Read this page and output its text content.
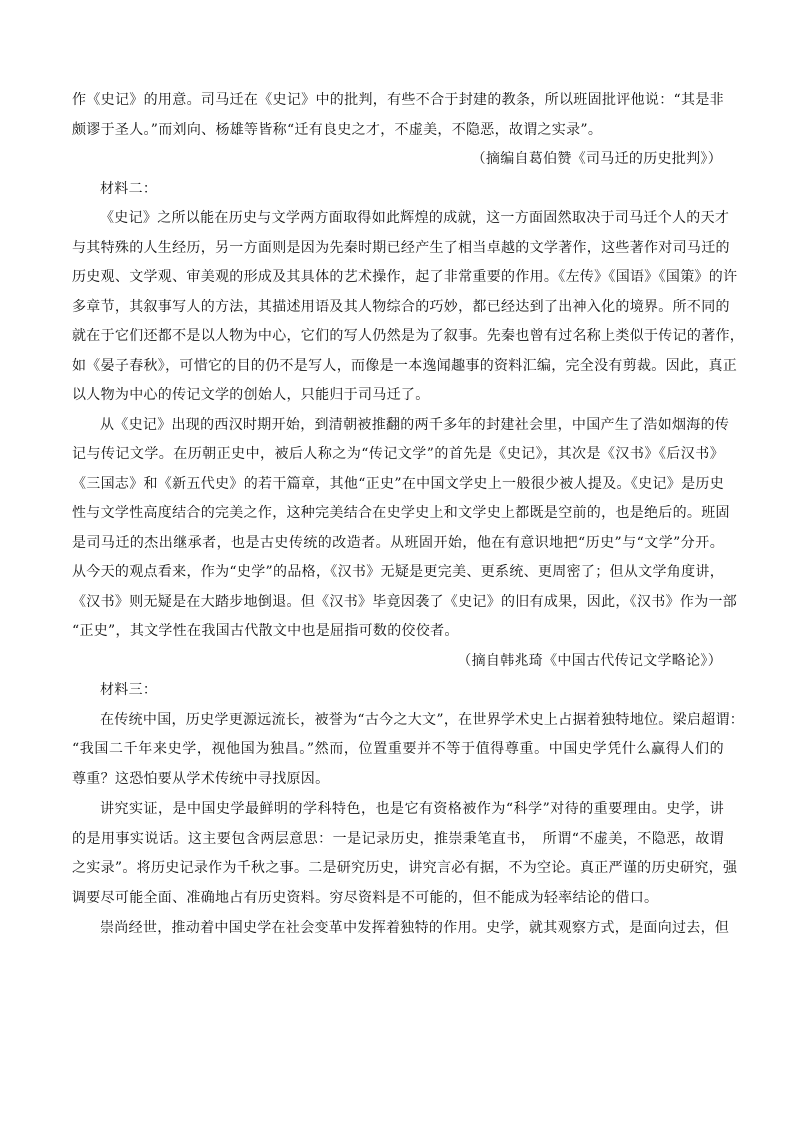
作《史记》的用意。司马迁在《史记》中的批判，有些不合于封建的教条，所以班固批评他说：“其是非
颇谬于圣人。”而刘向、杨雄等皆称“迁有良史之才，不虚美，不隐恶，故谓之实录”。
（摘编自葛伯赞《司马迁的历史批判》）
材料二：
《史记》之所以能在历史与文学两方面取得如此辉煌的成就，这一方面固然取决于司马迁个人的天才
与其特殊的人生经历，另一方面则是因为先秦时期已经产生了相当卓越的文学著作，这些著作对司马迁的
历史观、文学观、审美观的形成及其具体的艺术操作，起了非常重要的作用。《左传》《国语》《国策》的许
多章节，其叙事写人的方法，其描述用语及其人物综合的巧妙，都已经达到了出神入化的境界。所不同的
就在于它们还都不是以人物为中心，它们的写人仍然是为了叙事。先秦也曾有过名称上类似于传记的著作，
如《晏子春秋》，可惜它的目的仍不是写人，而像是一本逸闻趣事的资料汇编，完全没有剪裁。因此，真正
以人物为中心的传记文学的创始人，只能归于司马迁了。
从《史记》出现的西汉时期开始，到清朝被推翻的两千多年的封建社会里，中国产生了浩如烟海的传
记与传记文学。在历朝正史中，被后人称之为“传记文学”的首先是《史记》，其次是《汉书》《后汉书》
《三国志》和《新五代史》的若干篇章，其他“正史”在中国文学史上一般很少被人提及。《史记》是历史
性与文学性高度结合的完美之作，这种完美结合在史学史上和文学史上都既是空前的，也是绝后的。班固
是司马迁的杰出继承者，也是古史传统的改造者。从班固开始，他在有意识地把“历史”与“文学”分开。
从今天的观点看来，作为“史学”的品格，《汉书》无疑是更完美、更系统、更周密了；但从文学角度讲，
《汉书》则无疑是在大踏步地倒退。但《汉书》毕竟因袭了《史记》的旧有成果，因此，《汉书》作为一部
“正史”，其文学性在我国古代散文中也是屈指可数的佼佼者。
（摘自韩兆琦《中国古代传记文学略论》）
材料三：
在传统中国，历史学更源远流长，被誉为“古今之大文”，在世界学术史上占据着独特地位。梁启超谓：
“我国二千年来史学，视他国为独昌。”然而，位置重要并不等于值得尊重。中国史学凭什么赢得人们的
尊重？这恐怕要从学术传统中寻找原因。
讲究实证，是中国史学最鲜明的学科特色，也是它有资格被作为“科学”对待的重要理由。史学，讲
的是用事实说话。这主要包含两层意思：一是记录历史，推崇秉笔直书，　所谓“不虚美，不隐恶，故谓
之实录”。将历史记录作为千秋之事。二是研究历史，讲究言必有据，不为空论。真正严谨的历史研究，强
调要尽可能全面、准确地占有历史资料。穷尽资料是不可能的，但不能成为轻率结论的借口。
崇尚经世，推动着中国史学在社会变革中发挥着独特的作用。史学，就其观察方式，是面向过去，但
